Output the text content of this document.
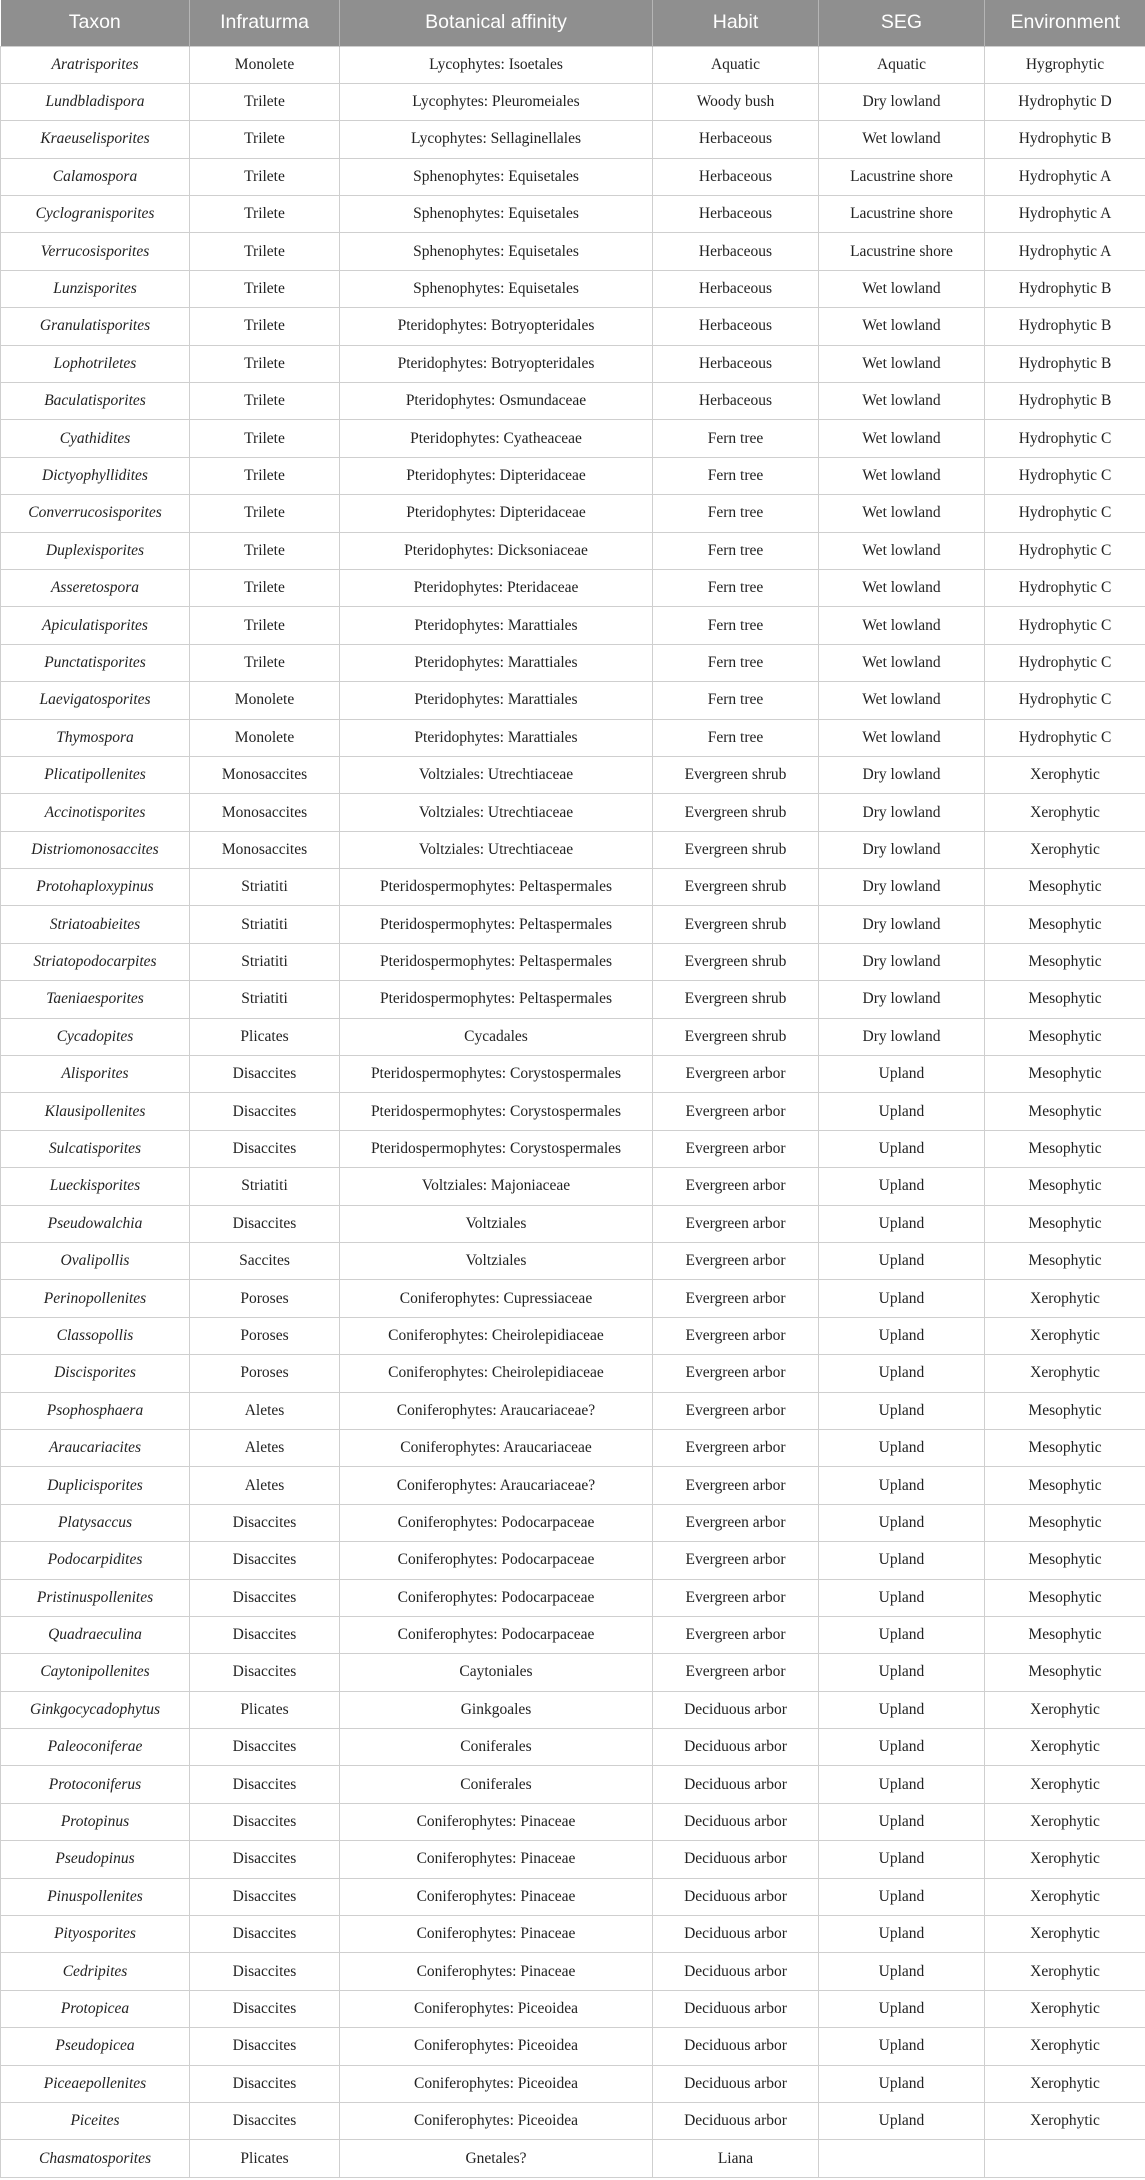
Taxon	Infraturma	Botanical affinity	Habit	SEG	Environment
Aratrisporites	Monolete	Lycophytes: Isoetales	Aquatic	Aquatic	Hygrophytic
Lundbladispora	Trilete	Lycophytes: Pleuromeiales	Woody bush	Dry lowland	Hydrophytic D
Kraeuselisporites	Trilete	Lycophytes: Sellaginellales	Herbaceous	Wet lowland	Hydrophytic B
Calamospora	Trilete	Sphenophytes: Equisetales	Herbaceous	Lacustrine shore	Hydrophytic A
Cyclogranisporites	Trilete	Sphenophytes: Equisetales	Herbaceous	Lacustrine shore	Hydrophytic A
Verrucosisporites	Trilete	Sphenophytes: Equisetales	Herbaceous	Lacustrine shore	Hydrophytic A
Lunzisporites	Trilete	Sphenophytes: Equisetales	Herbaceous	Wet lowland	Hydrophytic B
Granulatisporites	Trilete	Pteridophytes: Botryopteridales	Herbaceous	Wet lowland	Hydrophytic B
Lophotriletes	Trilete	Pteridophytes: Botryopteridales	Herbaceous	Wet lowland	Hydrophytic B
Baculatisporites	Trilete	Pteridophytes: Osmundaceae	Herbaceous	Wet lowland	Hydrophytic B
Cyathidites	Trilete	Pteridophytes: Cyatheaceae	Fern tree	Wet lowland	Hydrophytic C
Dictyophyllidites	Trilete	Pteridophytes: Dipteridaceae	Fern tree	Wet lowland	Hydrophytic C
Converrucosisporites	Trilete	Pteridophytes: Dipteridaceae	Fern tree	Wet lowland	Hydrophytic C
Duplexisporites	Trilete	Pteridophytes: Dicksoniaceae	Fern tree	Wet lowland	Hydrophytic C
Asseretospora	Trilete	Pteridophytes: Pteridaceae	Fern tree	Wet lowland	Hydrophytic C
Apiculatisporites	Trilete	Pteridophytes: Marattiales	Fern tree	Wet lowland	Hydrophytic C
Punctatisporites	Trilete	Pteridophytes: Marattiales	Fern tree	Wet lowland	Hydrophytic C
Laevigatosporites	Monolete	Pteridophytes: Marattiales	Fern tree	Wet lowland	Hydrophytic C
Thymospora	Monolete	Pteridophytes: Marattiales	Fern tree	Wet lowland	Hydrophytic C
Plicatipollenites	Monosaccites	Voltziales: Utrechtiaceae	Evergreen shrub	Dry lowland	Xerophytic
Accinotisporites	Monosaccites	Voltziales: Utrechtiaceae	Evergreen shrub	Dry lowland	Xerophytic
Distriomonosaccites	Monosaccites	Voltziales: Utrechtiaceae	Evergreen shrub	Dry lowland	Xerophytic
Protohaploxypinus	Striatiti	Pteridospermophytes: Peltaspermales	Evergreen shrub	Dry lowland	Mesophytic
Striatoabieites	Striatiti	Pteridospermophytes: Peltaspermales	Evergreen shrub	Dry lowland	Mesophytic
Striatopodocarpites	Striatiti	Pteridospermophytes: Peltaspermales	Evergreen shrub	Dry lowland	Mesophytic
Taeniaesporites	Striatiti	Pteridospermophytes: Peltaspermales	Evergreen shrub	Dry lowland	Mesophytic
Cycadopites	Plicates	Cycadales	Evergreen shrub	Dry lowland	Mesophytic
Alisporites	Disaccites	Pteridospermophytes: Corystospermales	Evergreen arbor	Upland	Mesophytic
Klausipollenites	Disaccites	Pteridospermophytes: Corystospermales	Evergreen arbor	Upland	Mesophytic
Sulcatisporites	Disaccites	Pteridospermophytes: Corystospermales	Evergreen arbor	Upland	Mesophytic
Lueckisporites	Striatiti	Voltziales: Majoniaceae	Evergreen arbor	Upland	Mesophytic
Pseudowalchia	Disaccites	Voltziales	Evergreen arbor	Upland	Mesophytic
Ovalipollis	Saccites	Voltziales	Evergreen arbor	Upland	Mesophytic
Perinopollenites	Poroses	Coniferophytes: Cupressiaceae	Evergreen arbor	Upland	Xerophytic
Classopollis	Poroses	Coniferophytes: Cheirolepidiaceae	Evergreen arbor	Upland	Xerophytic
Discisporites	Poroses	Coniferophytes: Cheirolepidiaceae	Evergreen arbor	Upland	Xerophytic
Psophosphaera	Aletes	Coniferophytes: Araucariaceae?	Evergreen arbor	Upland	Mesophytic
Araucariacites	Aletes	Coniferophytes: Araucariaceae	Evergreen arbor	Upland	Mesophytic
Duplicisporites	Aletes	Coniferophytes: Araucariaceae?	Evergreen arbor	Upland	Mesophytic
Platysaccus	Disaccites	Coniferophytes: Podocarpaceae	Evergreen arbor	Upland	Mesophytic
Podocarpidites	Disaccites	Coniferophytes: Podocarpaceae	Evergreen arbor	Upland	Mesophytic
Pristinuspollenites	Disaccites	Coniferophytes: Podocarpaceae	Evergreen arbor	Upland	Mesophytic
Quadraeculina	Disaccites	Coniferophytes: Podocarpaceae	Evergreen arbor	Upland	Mesophytic
Caytonipollenites	Disaccites	Caytoniales	Evergreen arbor	Upland	Mesophytic
Ginkgocycadophytus	Plicates	Ginkgoales	Deciduous arbor	Upland	Xerophytic
Paleoconiferae	Disaccites	Coniferales	Deciduous arbor	Upland	Xerophytic
Protoconiferus	Disaccites	Coniferales	Deciduous arbor	Upland	Xerophytic
Protopinus	Disaccites	Coniferophytes: Pinaceae	Deciduous arbor	Upland	Xerophytic
Pseudopinus	Disaccites	Coniferophytes: Pinaceae	Deciduous arbor	Upland	Xerophytic
Pinuspollenites	Disaccites	Coniferophytes: Pinaceae	Deciduous arbor	Upland	Xerophytic
Pityosporites	Disaccites	Coniferophytes: Pinaceae	Deciduous arbor	Upland	Xerophytic
Cedripites	Disaccites	Coniferophytes: Pinaceae	Deciduous arbor	Upland	Xerophytic
Protopicea	Disaccites	Coniferophytes: Piceoidea	Deciduous arbor	Upland	Xerophytic
Pseudopicea	Disaccites	Coniferophytes: Piceoidea	Deciduous arbor	Upland	Xerophytic
Piceaepollenites	Disaccites	Coniferophytes: Piceoidea	Deciduous arbor	Upland	Xerophytic
Piceites	Disaccites	Coniferophytes: Piceoidea	Deciduous arbor	Upland	Xerophytic
Chasmatosporites	Plicates	Gnetales?	Liana		
